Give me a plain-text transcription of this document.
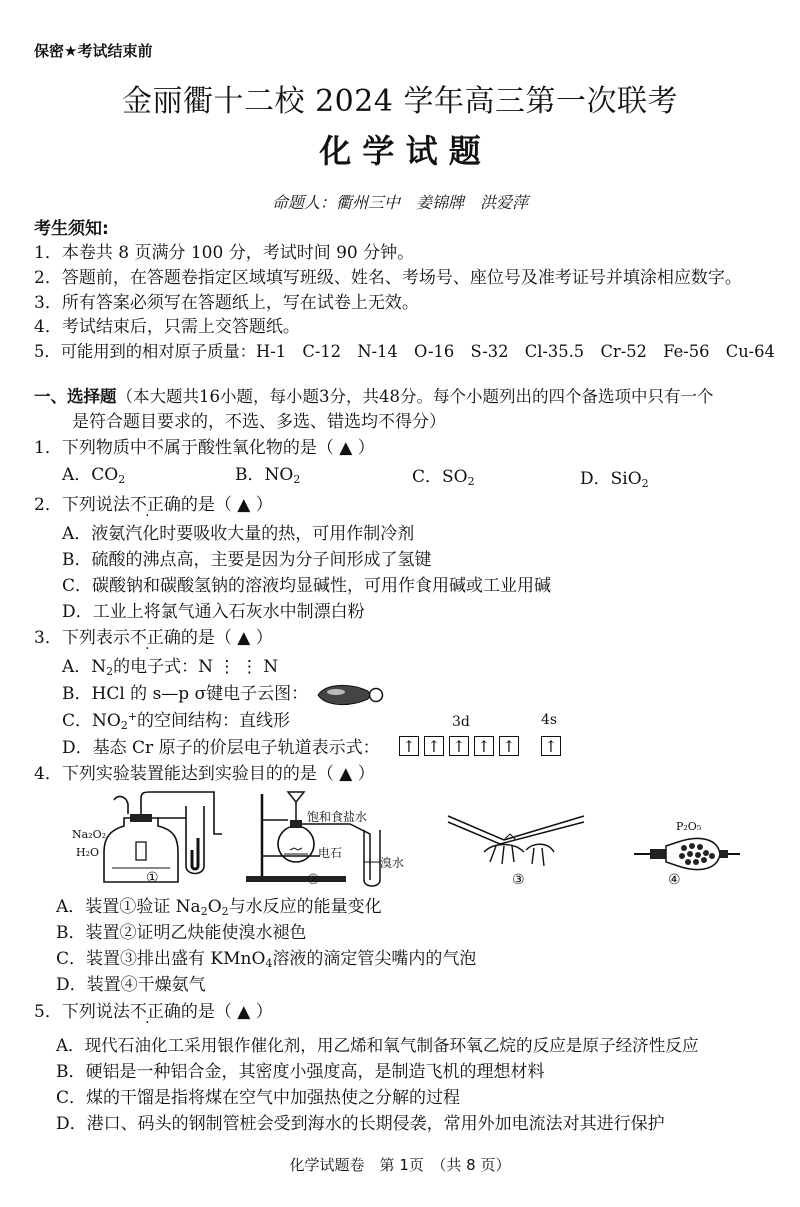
保密★考试结束前
金丽衢十二校 2024 学年高三第一次联考
化 学 试 题
命题人：衢州三中　姜锦牌　洪爱萍
考生须知:
1．本卷共 8 页满分 100 分，考试时间 90 分钟。
2．答题前，在答题卷指定区域填写班级、姓名、考场号、座位号及准考证号并填涂相应数字。
3．所有答案必须写在答题纸上，写在试卷上无效。
4．考试结束后，只需上交答题纸。
5．可能用到的相对原子质量：H-1　C-12　N-14　O-16　S-32　Cl-35.5　Cr-52　Fe-56　Cu-64
一、选择题（本大题共16小题，每小题3分，共48分。每个小题列出的四个备选项中只有一个
是符合题目要求的，不选、多选、错选均不得分）
1．下列物质中不属于酸性氧化物的是（ ▲ ）
A．$CO_2$	B．$NO_2$	C．$SO_2$	D．SiO$_2$
2．下列说法不正确的是（ ▲ ）
A．液氨汽化时要吸收大量的热，可用作制冷剂
B．硫酸的沸点高，主要是因为分子间形成了氢键
C．碳酸钠和碳酸氢钠的溶液均显碱性，可用作食用碱或工业用碱
D．工业上将氯气通入石灰水中制漂白粉
3．下列表示不正确的是（ ▲ ）
A．$N_2$的电子式：N ⋮ ⋮ N
B．HCl 的 s—p σ键电子云图：
C．$NO_2^+$的空间结构：直线形	3d	4s
D．基态 Cr 原子的价层电子轨道表示式： ↑ ↑ ↑ ↑ ↑ ↑
4．下列实验装置能达到实验目的的是（ ▲ ）
Na₂O₂
H₂O
①
饱和食盐水
电石
溴水
②	③
P₂O₅
④
A．装置①验证 $Na_2O_2$与水反应的能量变化
B．装置②证明乙炔能使溴水褪色
C．装置③排出盛有 KMnO$_4$溶液的滴定管尖嘴内的气泡
D．装置④干燥氨气
5．下列说法不正确的是（ ▲ ）
A．现代石油化工采用银作催化剂，用乙烯和氧气制备环氧乙烷的反应是原子经济性反应
B．硬铝是一种铝合金，其密度小强度高，是制造飞机的理想材料
C．煤的干馏是指将煤在空气中加强热使之分解的过程
D．港口、码头的钢制管桩会受到海水的长期侵袭，常用外加电流法对其进行保护
化学试题卷　第 1页　（共 8 页）
